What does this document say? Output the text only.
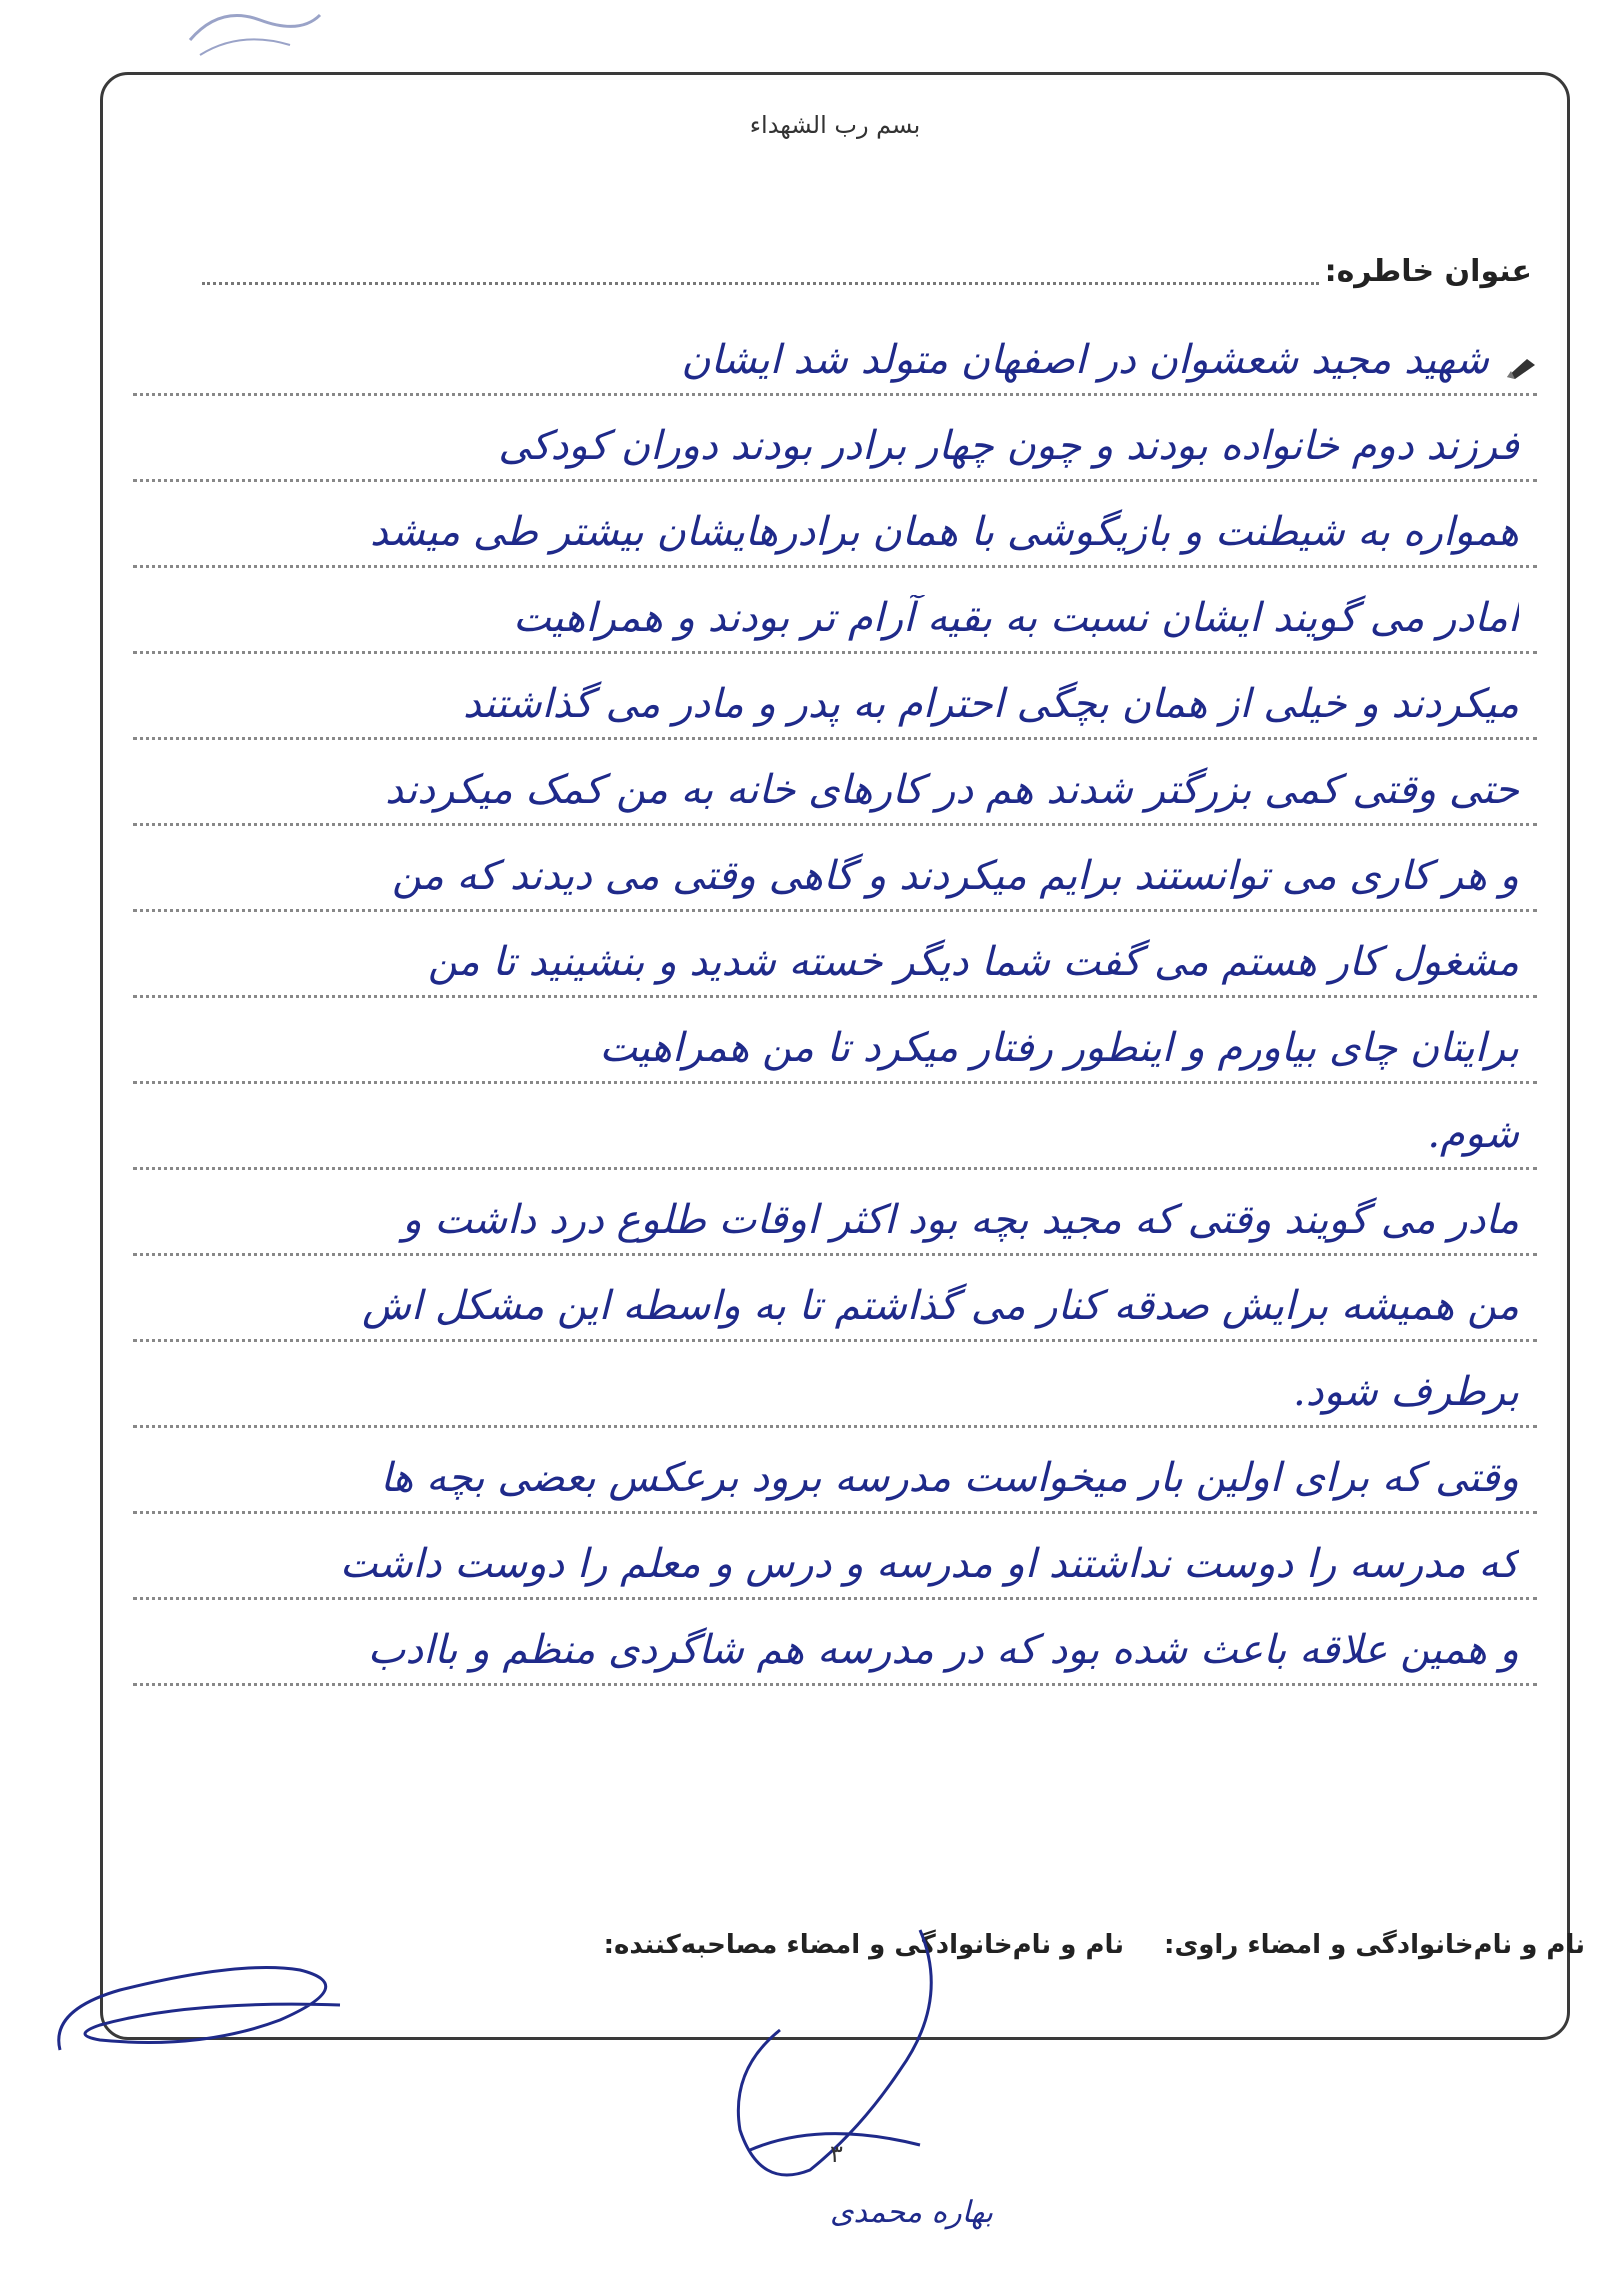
بسم رب الشهداء
عنوان خاطره:
شهید مجید شعشوان در اصفهان متولد شد ایشان
فرزند دوم خانواده بودند و چون چهار برادر بودند دوران کودکی
همواره به شیطنت و بازیگوشی با همان برادرهایشان بیشتر طی میشد
امادر می گویند ایشان نسبت به بقیه آرام تر بودند و همراهیت
میکردند و خیلی از همان بچگی احترام به پدر و مادر می گذاشتند
حتی وقتی کمی بزرگتر شدند هم در کارهای خانه به من کمک میکردند
و هر کاری می توانستند برایم میکردند و گاهی وقتی می دیدند که من
مشغول کار هستم می گفت شما دیگر خسته شدید و بنشینید تا من
برایتان چای بیاورم و اینطور رفتار میکرد تا من همراهیت
شوم.
مادر می گویند وقتی که مجید بچه بود اکثر اوقات طلوع درد داشت و
من همیشه برایش صدقه کنار می گذاشتم تا به واسطه این مشکل اش
برطرف شود.
وقتی که برای اولین بار میخواست مدرسه برود برعکس بعضی بچه ها
که مدرسه را دوست نداشتند او مدرسه و درس و معلم را دوست داشت
و همین علاقه باعث شده بود که در مدرسه هم شاگردی منظم و باادب
نام و نام‌خانوادگی و امضاء راوی:
نام و نام‌خانوادگی و امضاء مصاحبه‌کننده:
۳
بهاره محمدی
